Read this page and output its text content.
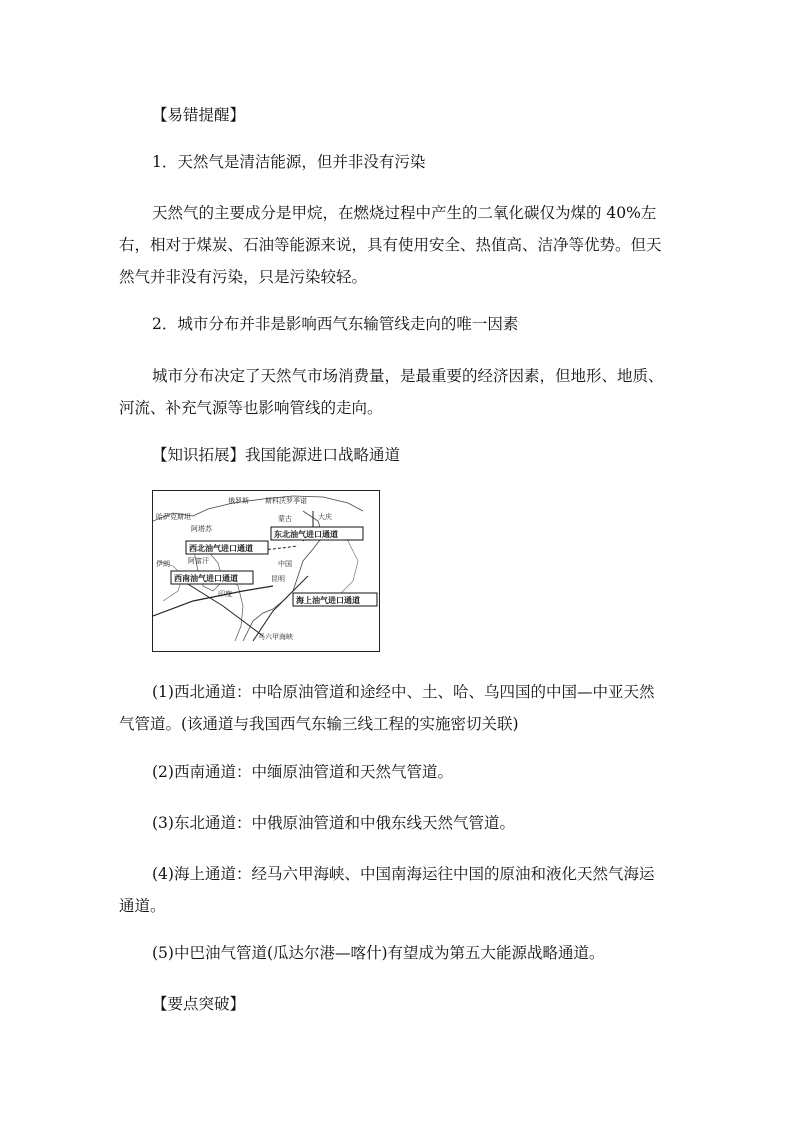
【易错提醒】
1．天然气是清洁能源，但并非没有污染
天然气的主要成分是甲烷，在燃烧过程中产生的二氧化碳仅为煤的 40%左
右，相对于煤炭、石油等能源来说，具有使用安全、热值高、洁净等优势。但天
然气并非没有污染，只是污染较轻。
2．城市分布并非是影响西气东输管线走向的唯一因素
城市分布决定了天然气市场消费量，是最重要的经济因素，但地形、地质、
河流、补充气源等也影响管线的走向。
【知识拓展】我国能源进口战略通道
东北油气进口通道
西北油气进口通道
西南油气进口通道
海上油气进口通道
俄罗斯 斯科沃罗季诺
哈萨克斯坦
阿塔苏
蒙古	大庆
伊朗	阿富汗
印度
昆明
马六甲海峡
中国
(1)西北通道：中哈原油管道和途经中、土、哈、乌四国的中国—中亚天然
气管道。(该通道与我国西气东输三线工程的实施密切关联)
(2)西南通道：中缅原油管道和天然气管道。
(3)东北通道：中俄原油管道和中俄东线天然气管道。
(4)海上通道：经马六甲海峡、中国南海运往中国的原油和液化天然气海运
通道。
(5)中巴油气管道(瓜达尔港—喀什)有望成为第五大能源战略通道。
【要点突破】
